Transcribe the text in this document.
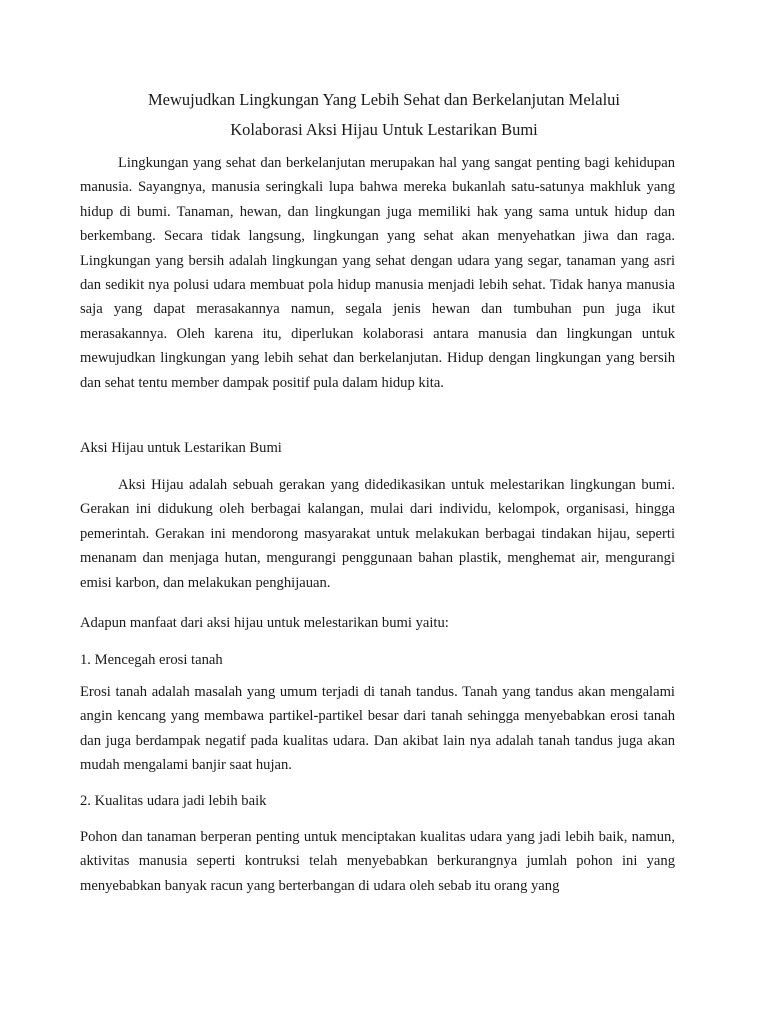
Mewujudkan Lingkungan Yang Lebih Sehat dan Berkelanjutan Melalui
Kolaborasi Aksi Hijau Untuk Lestarikan Bumi

Lingkungan yang sehat dan berkelanjutan merupakan hal yang sangat penting bagi kehidupan manusia. Sayangnya, manusia seringkali lupa bahwa mereka bukanlah satu-satunya makhluk yang hidup di bumi. Tanaman, hewan, dan lingkungan juga memiliki hak yang sama untuk hidup dan berkembang. Secara tidak langsung, lingkungan yang sehat akan menyehatkan jiwa dan raga. Lingkungan yang bersih adalah lingkungan yang sehat dengan udara yang segar, tanaman yang asri dan sedikit nya polusi udara membuat pola hidup manusia menjadi lebih sehat. Tidak hanya manusia saja yang dapat merasakannya namun, segala jenis hewan dan tumbuhan pun juga ikut merasakannya. Oleh karena itu, diperlukan kolaborasi antara manusia dan lingkungan untuk mewujudkan lingkungan yang lebih sehat dan berkelanjutan. Hidup dengan lingkungan yang bersih dan sehat tentu member dampak positif pula dalam hidup kita.

Aksi Hijau untuk Lestarikan Bumi

Aksi Hijau adalah sebuah gerakan yang didedikasikan untuk melestarikan lingkungan bumi. Gerakan ini didukung oleh berbagai kalangan, mulai dari individu, kelompok, organisasi, hingga pemerintah. Gerakan ini mendorong masyarakat untuk melakukan berbagai tindakan hijau, seperti menanam dan menjaga hutan, mengurangi penggunaan bahan plastik, menghemat air, mengurangi emisi karbon, dan melakukan penghijauan.

Adapun manfaat dari aksi hijau untuk melestarikan bumi yaitu:

1. Mencegah erosi tanah

Erosi tanah adalah masalah yang umum terjadi di tanah tandus. Tanah yang tandus akan mengalami angin kencang yang membawa partikel-partikel besar dari tanah sehingga menyebabkan erosi tanah dan juga berdampak negatif pada kualitas udara. Dan akibat lain nya adalah tanah tandus juga akan mudah mengalami banjir saat hujan.

2. Kualitas udara jadi lebih baik

Pohon dan tanaman berperan penting untuk menciptakan kualitas udara yang jadi lebih baik, namun, aktivitas manusia seperti kontruksi telah menyebabkan berkurangnya jumlah pohon ini yang menyebabkan banyak racun yang berterbangan di udara oleh sebab itu orang yang
